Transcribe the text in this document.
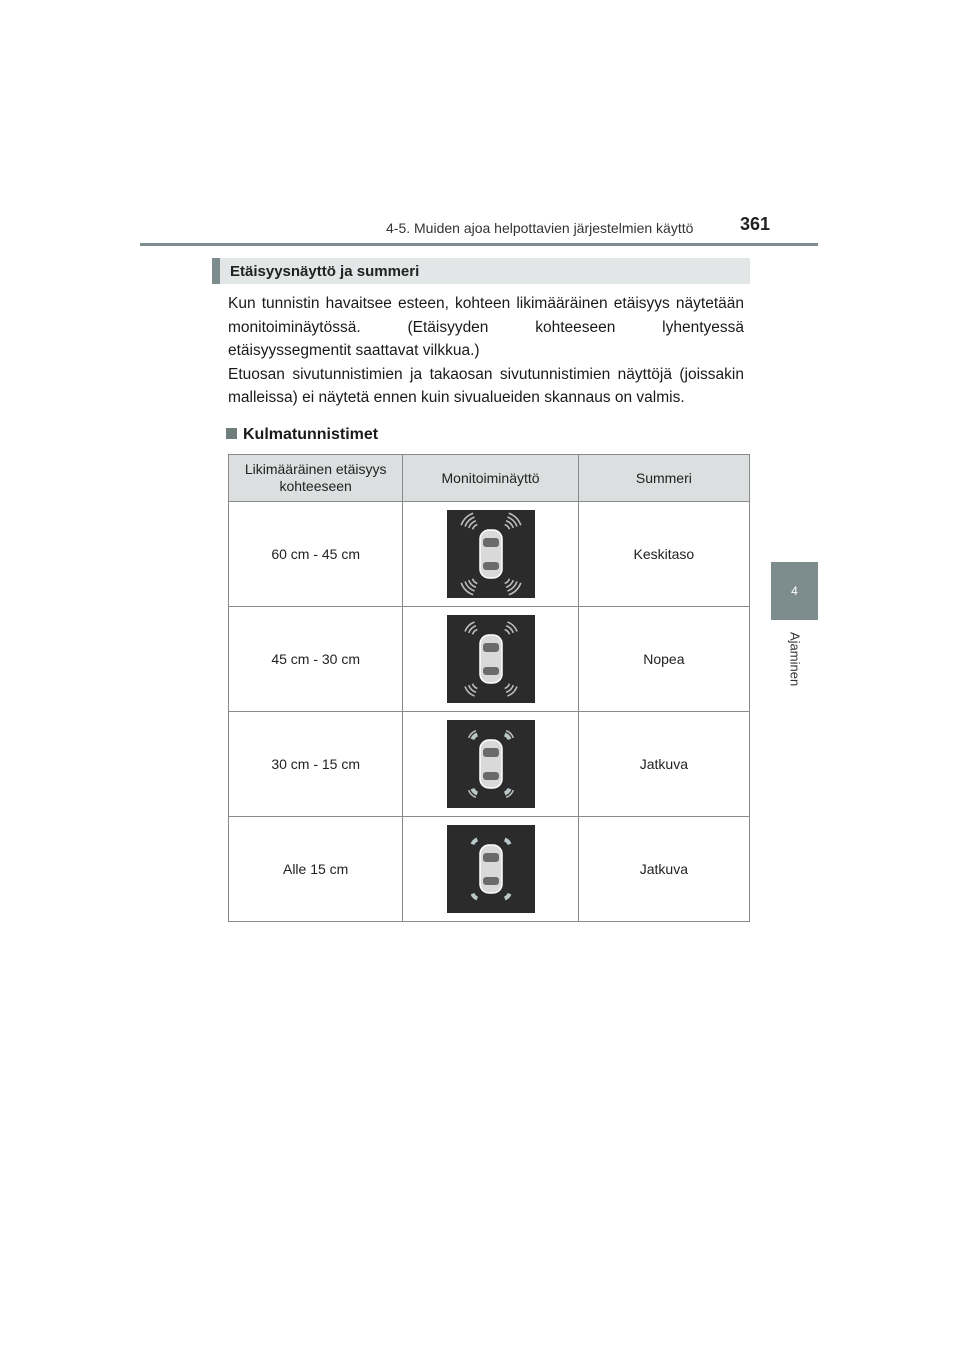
4-5. Muiden ajoa helpottavien järjestelmien käyttö	361
4
Ajaminen
Etäisyysnäyttö ja summeri

Kun tunnistin havaitsee esteen, kohteen likimääräinen etäisyys näytetään monitoiminäytössä. (Etäisyyden kohteeseen lyhentyessä etäisyyssegmentit saattavat vilkkua.)

Etuosan sivutunnistimien ja takaosan sivutunnistimien näyttöjä (joissakin malleissa) ei näytetä ennen kuin sivualueiden skannaus on valmis.

Kulmatunnistimet
Likimääräinen etäisyys kohteeseen	Monitoiminäyttö	Summeri
60 cm - 45 cm		Keskitaso
45 cm - 30 cm		Nopea
30 cm - 15 cm		Jatkuva
Alle 15 cm		Jatkuva
